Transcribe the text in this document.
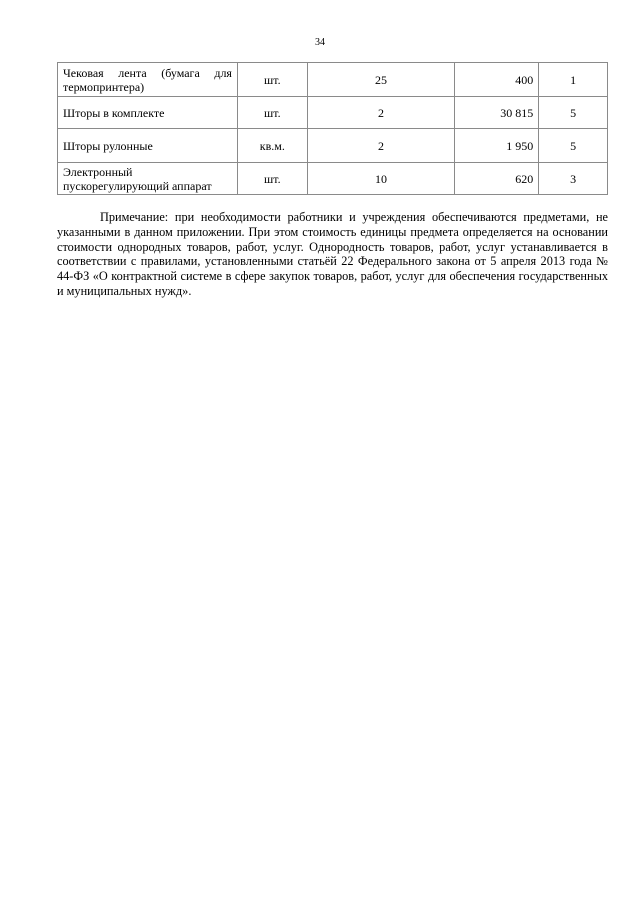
34
Чековая лента (бумага для термопринтера)	шт.	25	400	1
Шторы в комплекте	шт.	2	30 815	5
Шторы рулонные	кв.м.	2	1 950	5
Электронный пускорегулирующий аппарат	шт.	10	620	3

Примечание: при необходимости работники и учреждения обеспечиваются предметами, не указанными в данном приложении. При этом стоимость единицы предмета определяется на основании стоимости однородных товаров, работ, услуг. Однородность товаров, работ, услуг устанавливается в соответствии с правилами, установленными статьёй 22 Федерального закона от 5 апреля 2013 года № 44-ФЗ «О контрактной системе в сфере закупок товаров, работ, услуг для обеспечения государственных и муниципальных нужд».
